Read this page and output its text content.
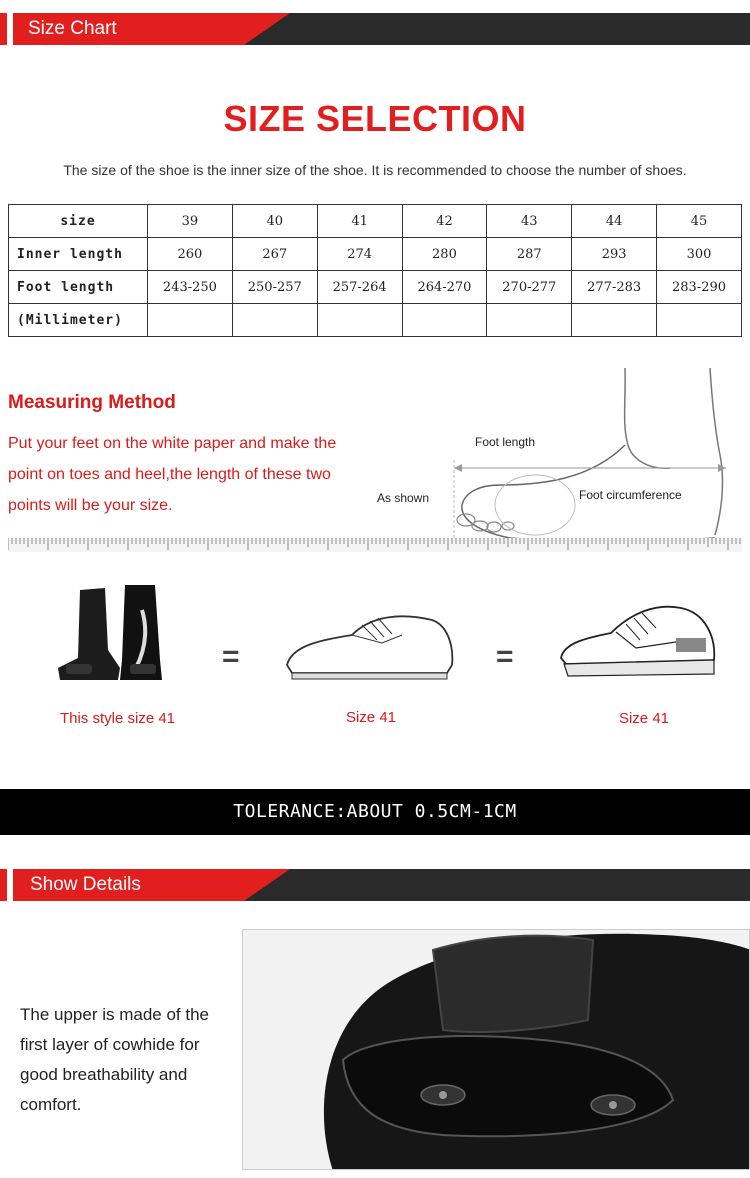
Size Chart
SIZE SELECTION
The size of the shoe is the inner size of the shoe. It is recommended to choose the number of shoes.
size	39	40	41	42	43	44	45
Inner length	260	267	274	280	287	293	300
Foot length	243-250	250-257	257-264	264-270	270-277	277-283	283-290
(Millimeter)							
Measuring Method
Put your feet on the white paper and make the point on toes and heel,the length of these two points will be your size.
Foot length
As shown	Foot circumference
=	=
This style size 41	Size 41	Size 41
TOLERANCE:ABOUT 0.5CM-1CM
Show Details
The upper is made of the first layer of cowhide for good breathability and comfort.
